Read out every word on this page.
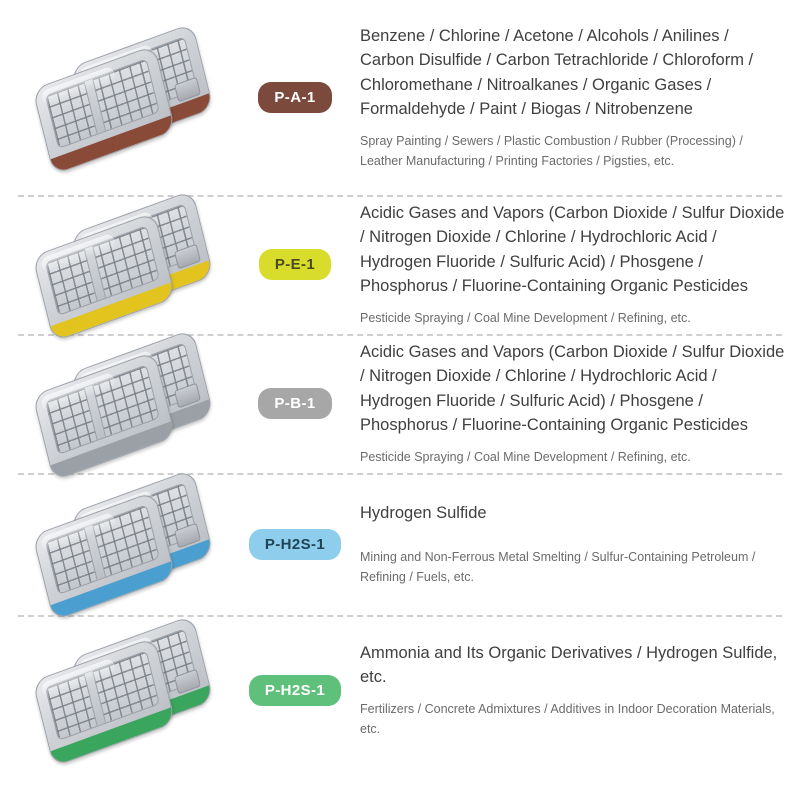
P-A-1
Benzene / Chlorine / Acetone / Alcohols / Anilines / Carbon Disulfide / Carbon Tetrachloride / Chloroform / Chloromethane / Nitroalkanes / Organic Gases / Formaldehyde / Paint / Biogas / Nitrobenzene
Spray Painting / Sewers / Plastic Combustion / Rubber (Processing) / Leather Manufacturing / Printing Factories / Pigsties, etc.
P-E-1
Acidic Gases and Vapors (Carbon Dioxide / Sulfur Dioxide / Nitrogen Dioxide / Chlorine / Hydrochloric Acid / Hydrogen Fluoride / Sulfuric Acid) / Phosgene / Phosphorus / Fluorine-Containing Organic Pesticides
Pesticide Spraying / Coal Mine Development / Refining, etc.
P-B-1
Acidic Gases and Vapors (Carbon Dioxide / Sulfur Dioxide / Nitrogen Dioxide / Chlorine / Hydrochloric Acid / Hydrogen Fluoride / Sulfuric Acid) / Phosgene / Phosphorus / Fluorine-Containing Organic Pesticides
Pesticide Spraying / Coal Mine Development / Refining, etc.
P-H2S-1
Hydrogen Sulfide
Mining and Non-Ferrous Metal Smelting / Sulfur-Containing Petroleum / Refining / Fuels, etc.
P-H2S-1
Ammonia and Its Organic Derivatives / Hydrogen Sulfide, etc.
Fertilizers / Concrete Admixtures / Additives in Indoor Decoration Materials, etc.
